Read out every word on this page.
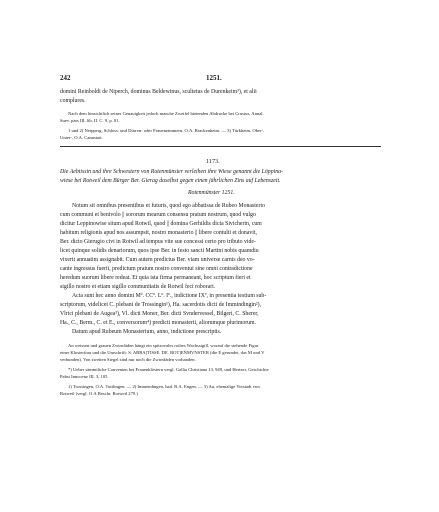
242	1251.
domini Reinboldi de Niperch, dominus Beldewinus, scultetus de Durenkeim³), et alii
complures.
Nach dem hinsichtlich seiner Genauigkeit jedoch manche Zweifel bietenden Abdrucke bei Crusius, Annal.
Suev. pars III. lib. II. C. 9, p. 81.
1 und 2) Neipperg, Schloss, und Dürren- oder Frauenzimmern, O.A. Brackenheim. — 3) Türkheim, Ober-,
Unter-, O.A. Cannstatt.
1173.
Die Aebtissin und ihre Schwestern von Rotenmünster verleihen ihre Wiese genannt die Löppina-
wiese bei Rotweil dem Bürger Ber. Gierag daselbst gegen einen jährlichen Zins auf Lebenszeit.
Rotenmünster 1251.
Notum sit omnibus presentibus et futuris, quod ego abbatissa de Rubeo Monasterio
cum communi et benivolo || sororum mearum consensu pratum nostrum, quod vulgo
dicitur Leppinowise situm apud Rotwil, quod || domina Gerhildis dicta Sivicherin, cum
habitum religionis apud nos assumpsit, nostro monasterio || libere contulit et donavit,
Ber. dicto Gierugio civi in Rotwil ad tempus vite sue concessi certo pro tributo vide-
licet quinque solidis denariorum, quos ipse Ber. in festo sancti Martini nobis quamdiu
vixerit annuatim assignabit. Cum autem predictus Ber. viam universe carnis deo vo-
cante ingressus fuerit, predictum pratum nostro conventui sine omni contradictione
heredum suorum libere redeat. Et quia ista firma permaneant, hoc scriptum fieri et
sigillo nostro et etiam sigillo communitatis de Rotwil feci roborari.
Acta sunt hec anno domini Mº. CCº. Lº. Iº., indictione IXª, in presentia testium sub-
scriptorum, videlicet C. plebani de Trossingin¹), Ha. sacerdotis dicti de Immindingin²),
Vlrici plebani de Augea³), Vl. dicti Moner, Ber. dicti Svndervessel, Bilgeri, C. Sherer,
Ha., C., Berm., C. et E., conversorum⁴) predicti monasterii, aliorumque plurimorum.
Datum apud Rubeum Monasterium, anno, indictione prescriptis.
An weissen und grauen Zwirnfäden hängt ein spitzovales rothes Wachssigill, worauf die stehende Figur
einer Klosterfrau und die Umschrift: S. ABBA[TISSE. DE. ROT]EN̄MVNSTER (die E gerundet, das M und V
verbunden). Von zweiten Siegel sind nur noch die Zwirnfäden vorhanden.
*) Ueber sämmtliche Conventen bei Frauenklöstern vergl. Gallia Christiana 13, 949, und Hertzer, Geschichte
Pabst Innocenz III. 3, 105.
1) Trossingen, O.A. Tuttlingen. — 2) Immendingen, bad. B.A. Engen. — 3) Au, ehemalige Vorstadt von
Rotweil (vergl. O.A.Beschr. Rotweil 279.)
